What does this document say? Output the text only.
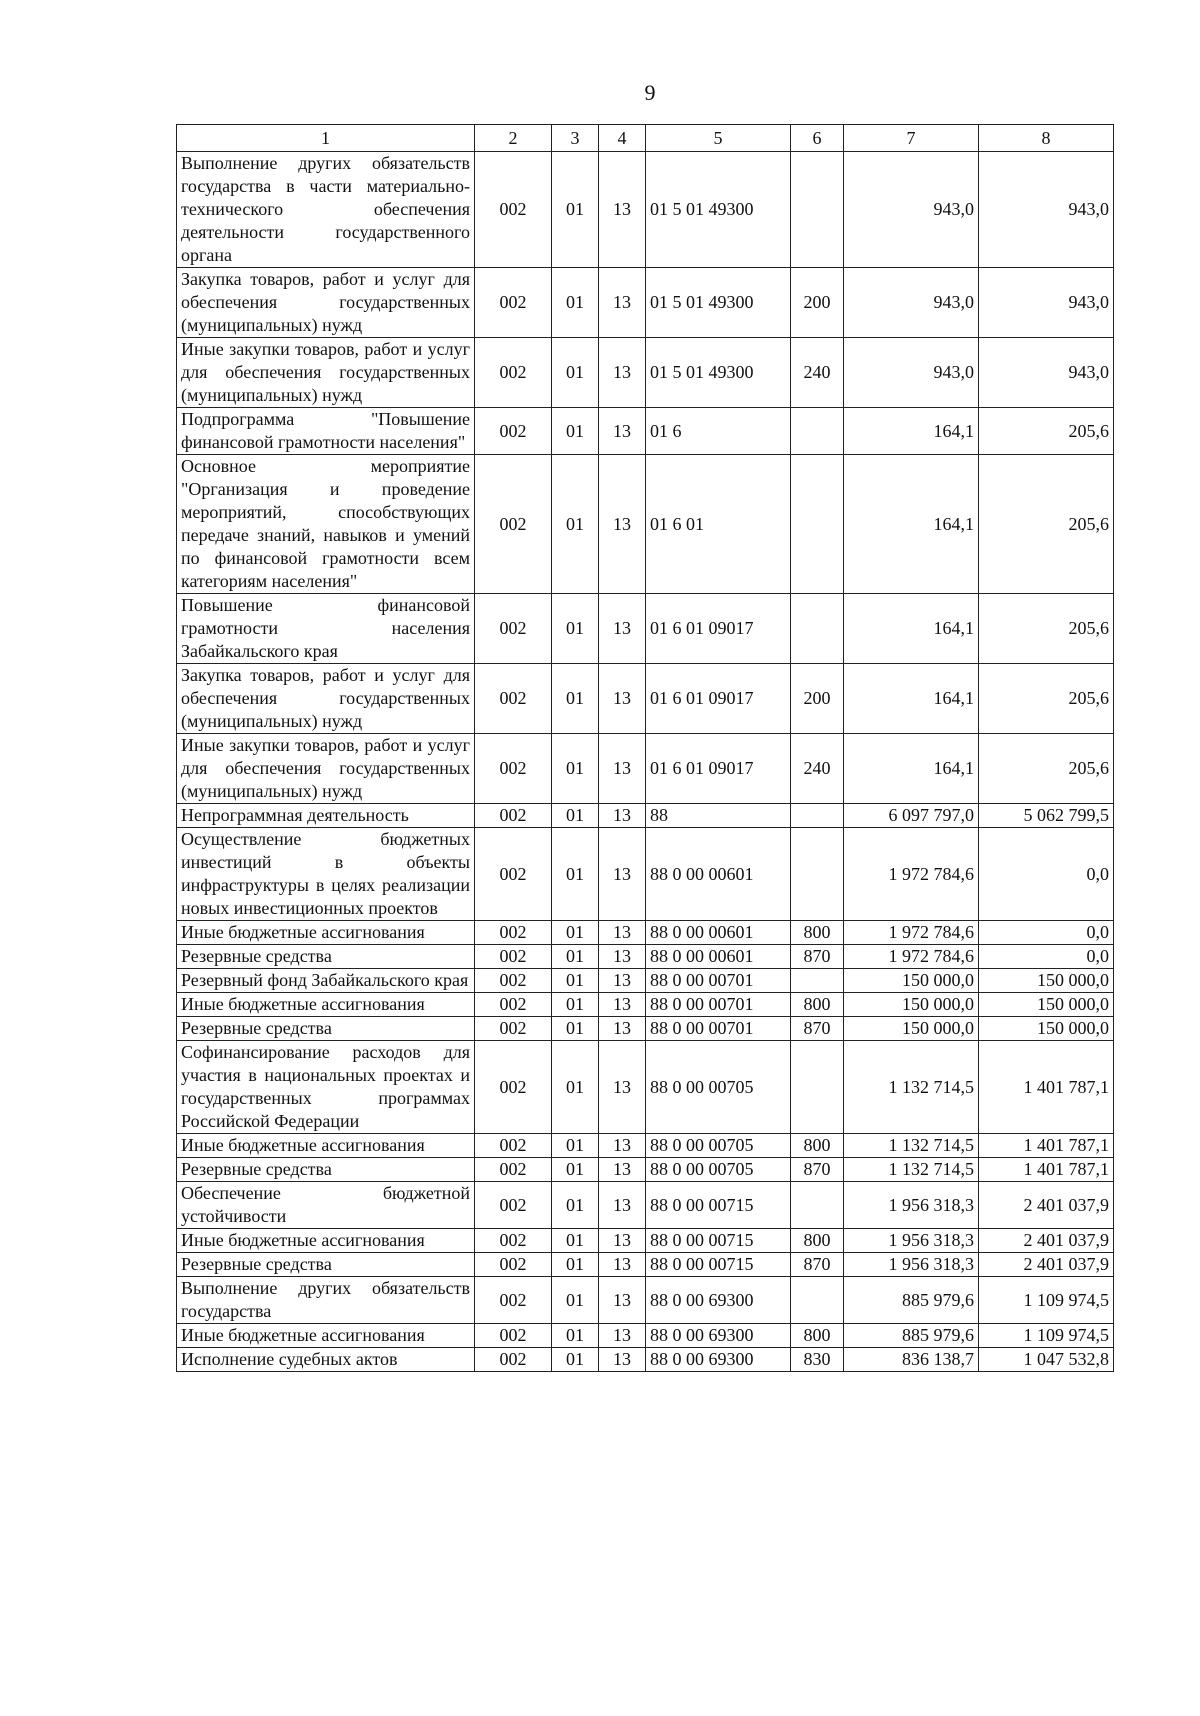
9
1	2	3	4	5	6	7	8
Выполнение других обязательств государства в части материально-технического обеспечения деятельности государственного органа	002	01	13	01 5 01 49300		943,0	943,0
Закупка товаров, работ и услуг для обеспечения государственных (муниципальных) нужд	002	01	13	01 5 01 49300	200	943,0	943,0
Иные закупки товаров, работ и услуг для обеспечения государственных (муниципальных) нужд	002	01	13	01 5 01 49300	240	943,0	943,0
Подпрограмма "Повышение финансовой грамотности населения"	002	01	13	01 6		164,1	205,6
Основное мероприятие "Организация и проведение мероприятий, способствующих передаче знаний, навыков и умений по финансовой грамотности всем категориям населения"	002	01	13	01 6 01		164,1	205,6
Повышение финансовой грамотности населения Забайкальского края	002	01	13	01 6 01 09017		164,1	205,6
Закупка товаров, работ и услуг для обеспечения государственных (муниципальных) нужд	002	01	13	01 6 01 09017	200	164,1	205,6
Иные закупки товаров, работ и услуг для обеспечения государственных (муниципальных) нужд	002	01	13	01 6 01 09017	240	164,1	205,6
Непрограммная деятельность	002	01	13	88		6 097 797,0	5 062 799,5
Осуществление бюджетных инвестиций в объекты инфраструктуры в целях реализации новых инвестиционных проектов	002	01	13	88 0 00 00601		1 972 784,6	0,0
Иные бюджетные ассигнования	002	01	13	88 0 00 00601	800	1 972 784,6	0,0
Резервные средства	002	01	13	88 0 00 00601	870	1 972 784,6	0,0
Резервный фонд Забайкальского края	002	01	13	88 0 00 00701		150 000,0	150 000,0
Иные бюджетные ассигнования	002	01	13	88 0 00 00701	800	150 000,0	150 000,0
Резервные средства	002	01	13	88 0 00 00701	870	150 000,0	150 000,0
Софинансирование расходов для участия в национальных проектах и государственных программах Российской Федерации	002	01	13	88 0 00 00705		1 132 714,5	1 401 787,1
Иные бюджетные ассигнования	002	01	13	88 0 00 00705	800	1 132 714,5	1 401 787,1
Резервные средства	002	01	13	88 0 00 00705	870	1 132 714,5	1 401 787,1
Обеспечение бюджетной устойчивости	002	01	13	88 0 00 00715		1 956 318,3	2 401 037,9
Иные бюджетные ассигнования	002	01	13	88 0 00 00715	800	1 956 318,3	2 401 037,9
Резервные средства	002	01	13	88 0 00 00715	870	1 956 318,3	2 401 037,9
Выполнение других обязательств государства	002	01	13	88 0 00 69300		885 979,6	1 109 974,5
Иные бюджетные ассигнования	002	01	13	88 0 00 69300	800	885 979,6	1 109 974,5
Исполнение судебных актов	002	01	13	88 0 00 69300	830	836 138,7	1 047 532,8
